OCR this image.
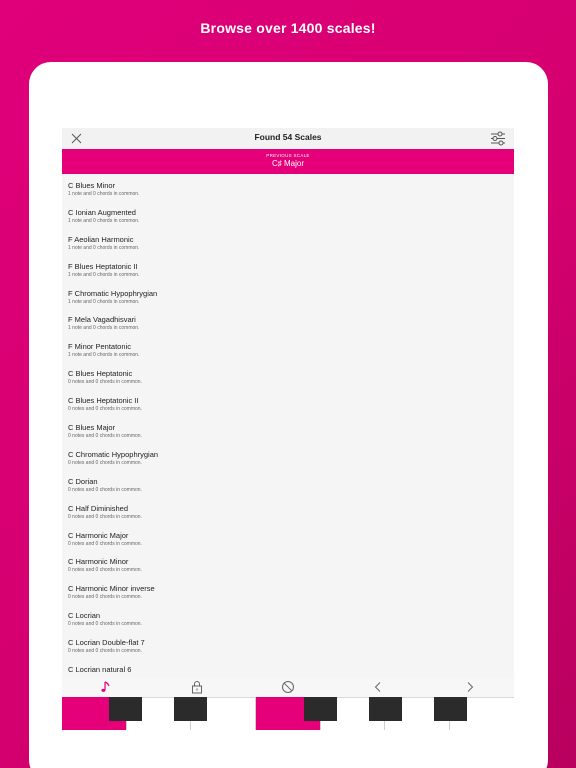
Browse over 1400 scales!
Found 54 Scales
PREVIOUS SCALE
C♯ Major
C Blues Minor
1 note and 0 chords in common.
C Ionian Augmented
1 note and 0 chords in common.
F Aeolian Harmonic
1 note and 0 chords in common.
F Blues Heptatonic II
1 note and 0 chords in common.
F Chromatic Hypophrygian
1 note and 0 chords in common.
F Mela Vagadhisvari
1 note and 0 chords in common.
F Minor Pentatonic
1 note and 0 chords in common.
C Blues Heptatonic
0 notes and 0 chords in common.
C Blues Heptatonic II
0 notes and 0 chords in common.
C Blues Major
0 notes and 0 chords in common.
C Chromatic Hypophrygian
0 notes and 0 chords in common.
C Dorian
0 notes and 0 chords in common.
C Half Diminished
0 notes and 0 chords in common.
C Harmonic Major
0 notes and 0 chords in common.
C Harmonic Minor
0 notes and 0 chords in common.
C Harmonic Minor inverse
0 notes and 0 chords in common.
C Locrian
0 notes and 0 chords in common.
C Locrian Double-flat 7
0 notes and 0 chords in common.
C Locrian natural 6
